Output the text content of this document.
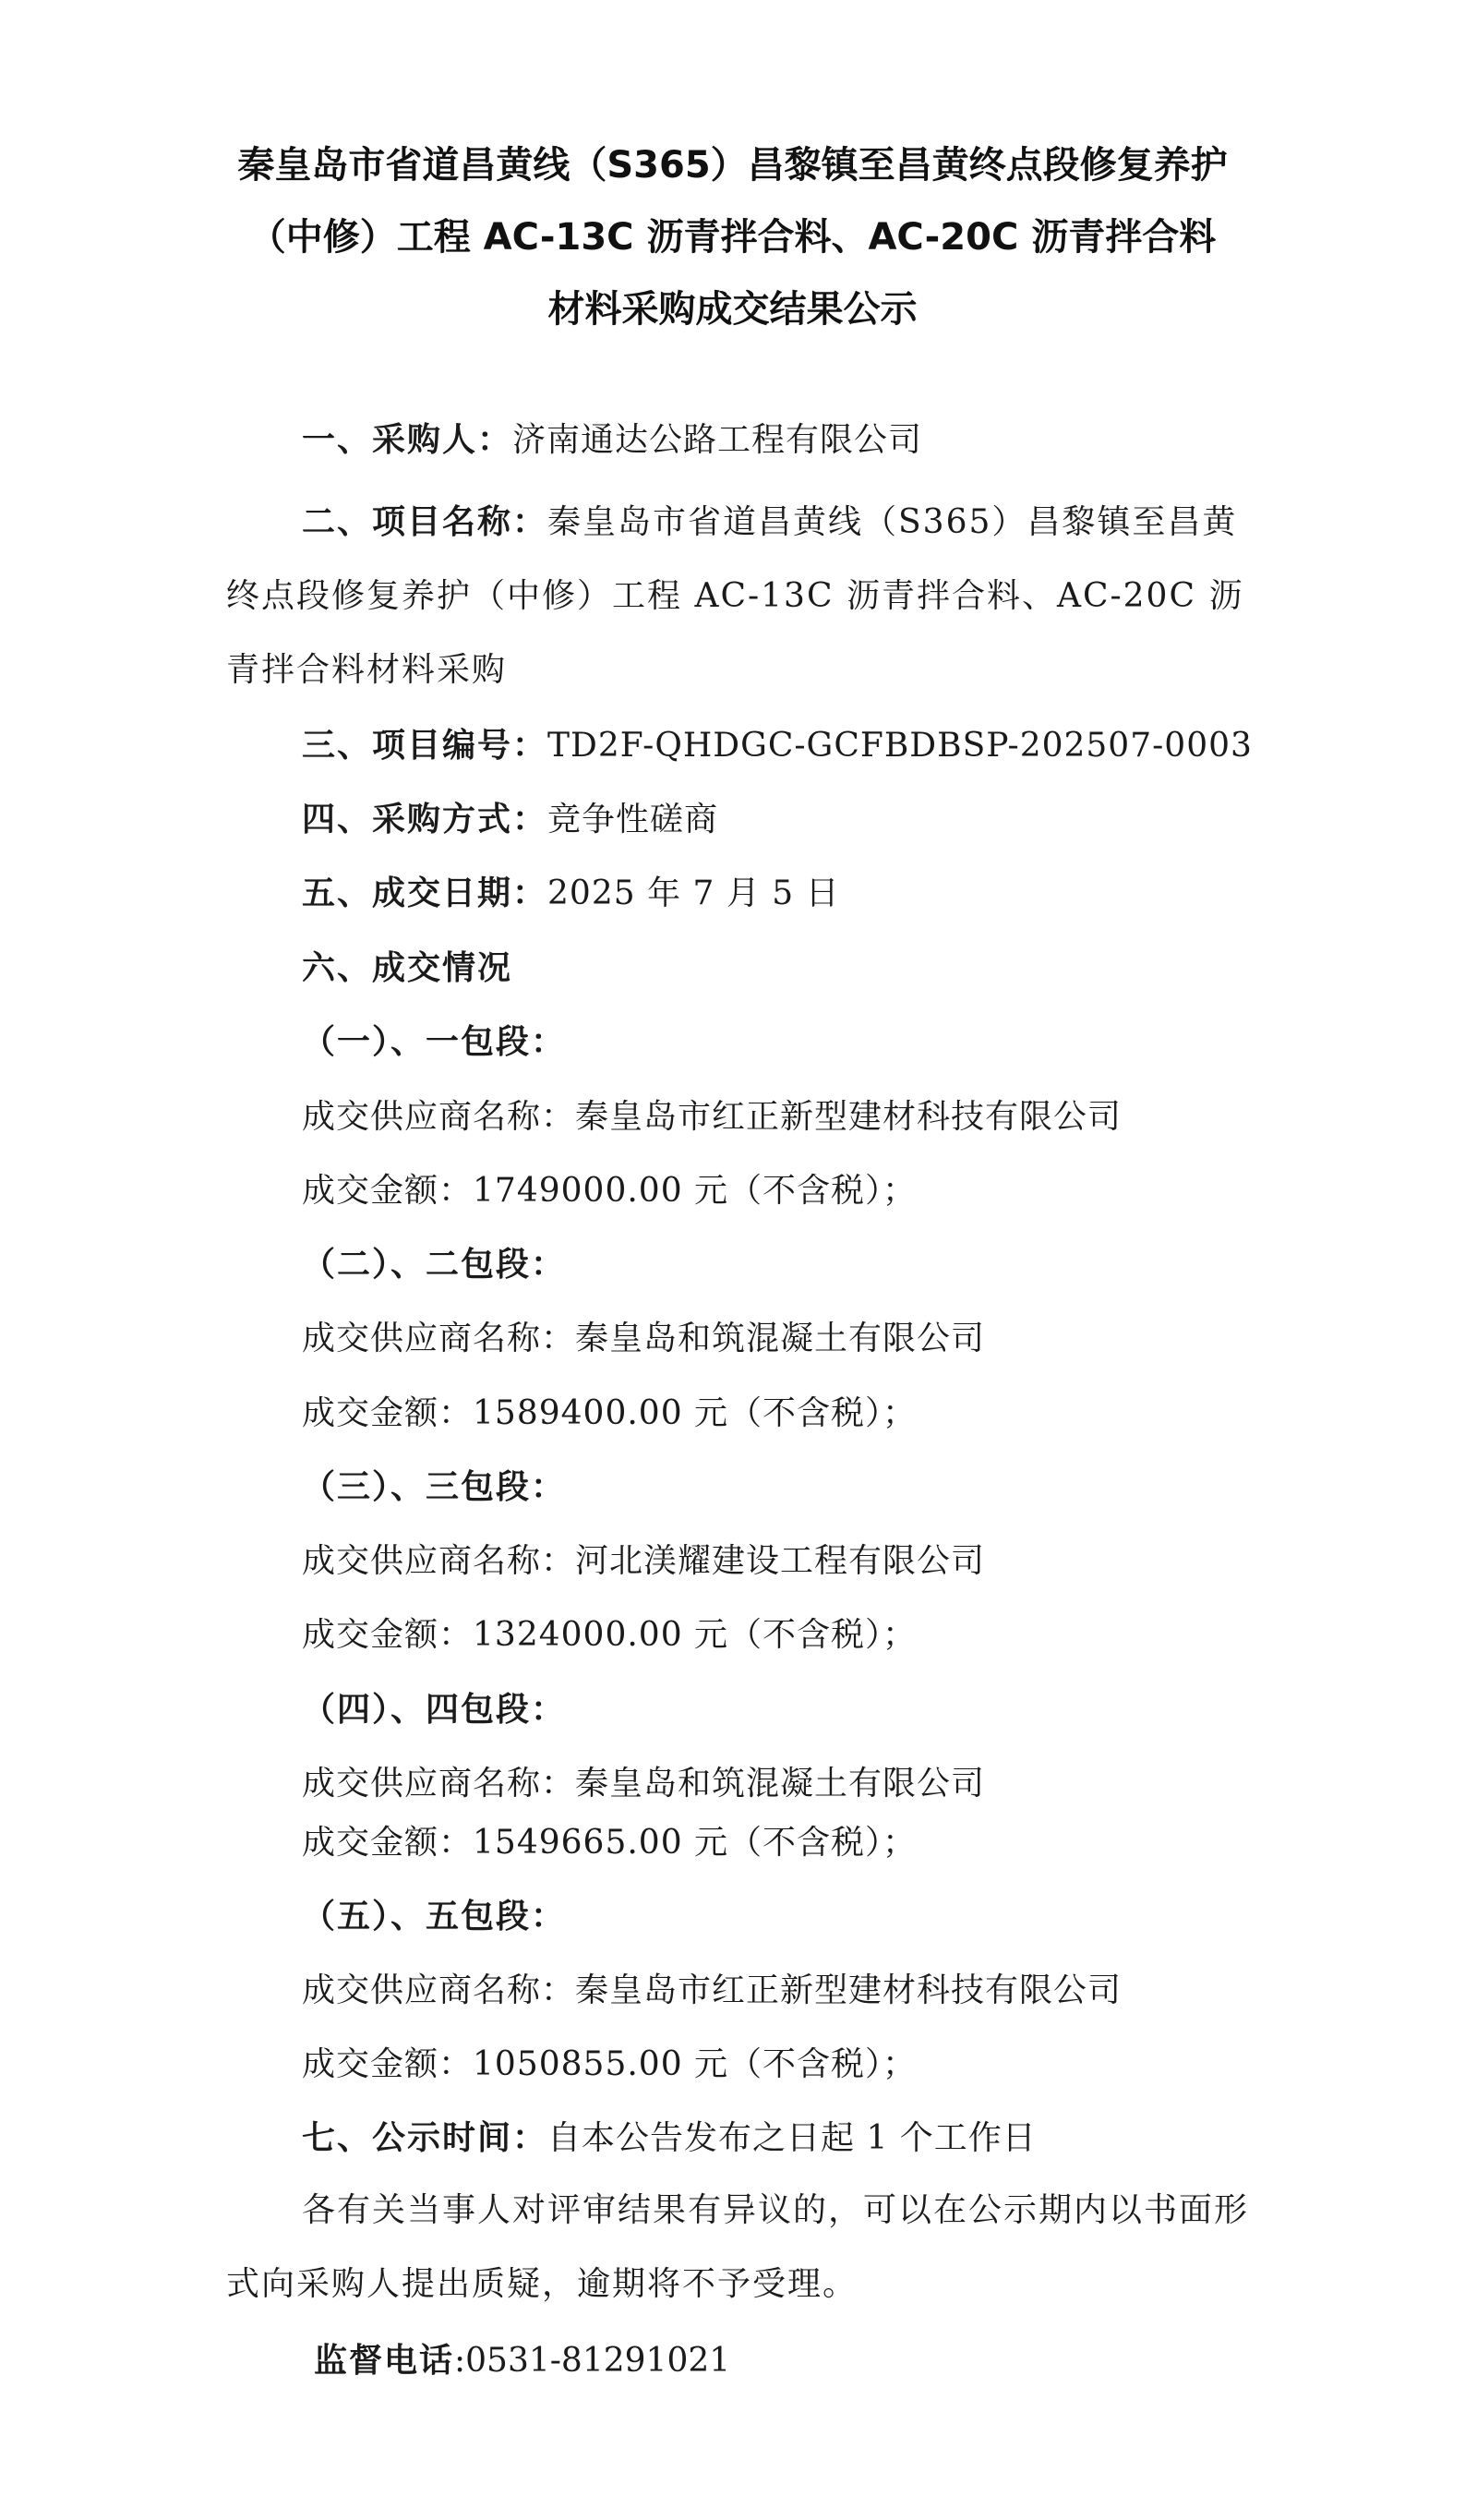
秦皇岛市省道昌黄线（S365）昌黎镇至昌黄终点段修复养护
（中修）工程 AC-13C 沥青拌合料、AC-20C 沥青拌合料
材料采购成交结果公示
一、采购人：济南通达公路工程有限公司
二、项目名称：秦皇岛市省道昌黄线（S365）昌黎镇至昌黄终点段修复养护（中修）工程 AC-13C 沥青拌合料、AC-20C 沥青拌合料材料采购
三、项目编号：TD2F-QHDGC-GCFBDBSP-202507-0003
四、采购方式：竞争性磋商
五、成交日期：2025 年 7 月 5 日
六、成交情况
（一）、一包段：
成交供应商名称：秦皇岛市红正新型建材科技有限公司
成交金额：1749000.00 元（不含税）；
（二）、二包段：
成交供应商名称：秦皇岛和筑混凝土有限公司
成交金额：1589400.00 元（不含税）；
（三）、三包段：
成交供应商名称：河北渼耀建设工程有限公司
成交金额：1324000.00 元（不含税）；
（四）、四包段：
成交供应商名称：秦皇岛和筑混凝土有限公司
成交金额：1549665.00 元（不含税）；
（五）、五包段：
成交供应商名称：秦皇岛市红正新型建材科技有限公司
成交金额：1050855.00 元（不含税）；
七、公示时间：自本公告发布之日起 1 个工作日
各有关当事人对评审结果有异议的，可以在公示期内以书面形式向采购人提出质疑，逾期将不予受理。
监督电话:0531-81291021
